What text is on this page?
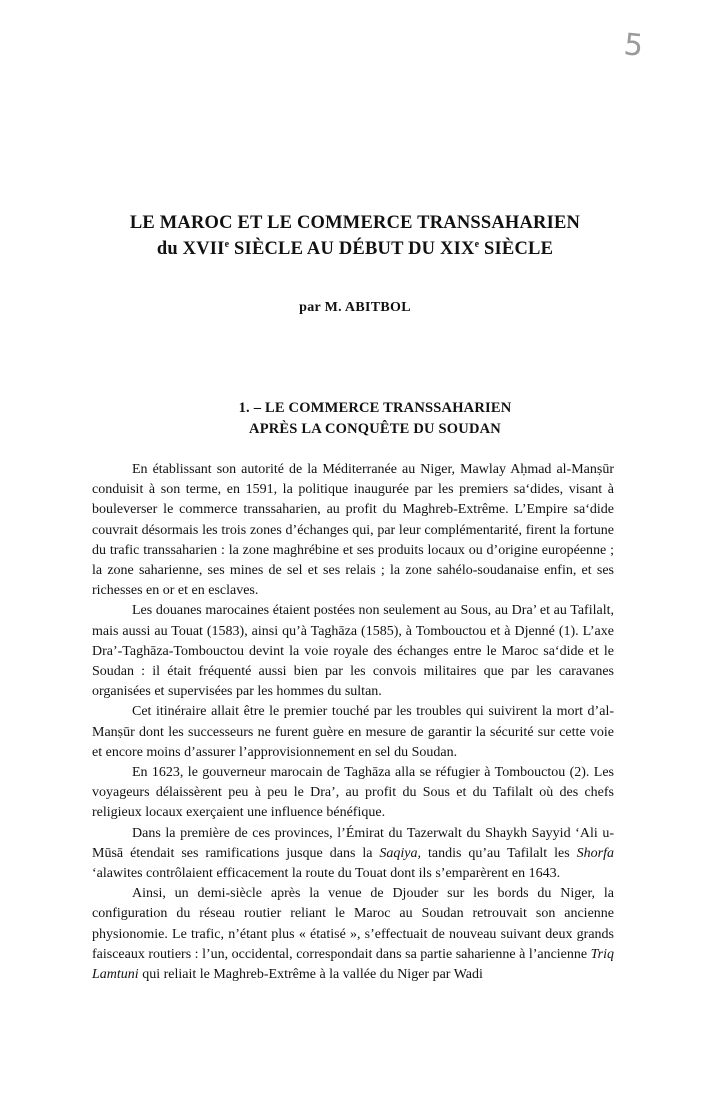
5
LE MAROC ET LE COMMERCE TRANSSAHARIEN
du XVIIe SIÈCLE AU DÉBUT DU XIXe SIÈCLE
par M. ABITBOL
1. – LE COMMERCE TRANSSAHARIEN
APRÈS LA CONQUÊTE DU SOUDAN

En établissant son autorité de la Méditerranée au Niger, Mawlay Aḥmad al-Manṣūr conduisit à son terme, en 1591, la politique inaugurée par les premiers sa‘dides, visant à bouleverser le commerce transsaharien, au profit du Maghreb-Extrême. L’Empire sa‘dide couvrait désormais les trois zones d’échanges qui, par leur complémentarité, firent la fortune du trafic transsaharien : la zone maghrébine et ses produits locaux ou d’origine européenne ; la zone saharienne, ses mines de sel et ses relais ; la zone sahélo-soudanaise enfin, et ses richesses en or et en esclaves.

Les douanes marocaines étaient postées non seulement au Sous, au Dra’ et au Tafilalt, mais aussi au Touat (1583), ainsi qu’à Taghāza (1585), à Tombouctou et à Djenné (1). L’axe Dra’-Taghāza-Tombouctou devint la voie royale des échanges entre le Maroc sa‘dide et le Soudan : il était fréquenté aussi bien par les convois militaires que par les caravanes organisées et supervisées par les hommes du sultan.

Cet itinéraire allait être le premier touché par les troubles qui suivirent la mort d’al-Manṣūr dont les successeurs ne furent guère en mesure de garantir la sécurité sur cette voie et encore moins d’assurer l’approvisionnement en sel du Soudan.

En 1623, le gouverneur marocain de Taghāza alla se réfugier à Tombouctou (2). Les voyageurs délaissèrent peu à peu le Dra’, au profit du Sous et du Tafilalt où des chefs religieux locaux exerçaient une influence bénéfique.

Dans la première de ces provinces, l’Émirat du Tazerwalt du Shaykh Sayyid ‘Ali u-Mūsā étendait ses ramifications jusque dans la Saqiya, tandis qu’au Tafilalt les Shorfa ‘alawites contrôlaient efficacement la route du Touat dont ils s’emparèrent en 1643.

Ainsi, un demi-siècle après la venue de Djouder sur les bords du Niger, la configuration du réseau routier reliant le Maroc au Soudan retrouvait son ancienne physionomie. Le trafic, n’étant plus « étatisé », s’effectuait de nouveau suivant deux grands faisceaux routiers : l’un, occidental, correspondait dans sa partie saharienne à l’ancienne Triq Lamtuni qui reliait le Maghreb-Extrême à la vallée du Niger par Wadi
